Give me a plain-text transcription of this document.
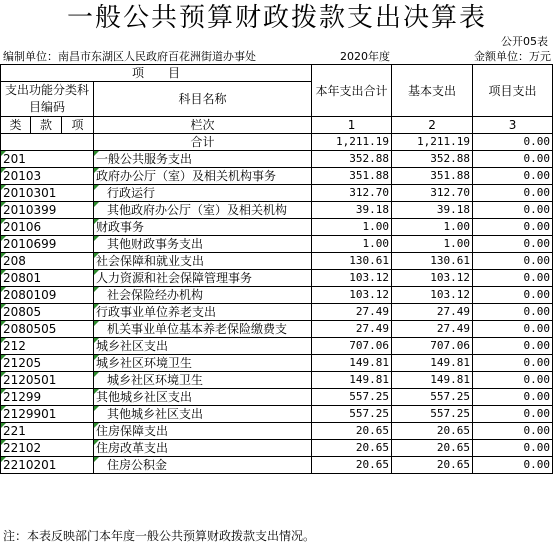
一般公共预算财政拨款支出决算表
公开05表
编制单位：南昌市东湖区人民政府百花洲街道办事处	2020年度	金额单位：万元
项　　目				本年支出合计	基本支出	项目支出
支出功能分类科目编码			科目名称			
类	款	项				
			栏次	1	2	3
			合计	1,211.19	1,211.19	0.00
201			一般公共服务支出	352.88	352.88	0.00
20103			政府办公厅（室）及相关机构事务	351.88	351.88	0.00
2010301			行政运行	312.70	312.70	0.00
2010399			其他政府办公厅（室）及相关机构	39.18	39.18	0.00
20106			财政事务	1.00	1.00	0.00
2010699			其他财政事务支出	1.00	1.00	0.00
208			社会保障和就业支出	130.61	130.61	0.00
20801			人力资源和社会保障管理事务	103.12	103.12	0.00
2080109			社会保险经办机构	103.12	103.12	0.00
20805			行政事业单位养老支出	27.49	27.49	0.00
2080505			机关事业单位基本养老保险缴费支	27.49	27.49	0.00
212			城乡社区支出	707.06	707.06	0.00
21205			城乡社区环境卫生	149.81	149.81	0.00
2120501			城乡社区环境卫生	149.81	149.81	0.00
21299			其他城乡社区支出	557.25	557.25	0.00
2129901			其他城乡社区支出	557.25	557.25	0.00
221			住房保障支出	20.65	20.65	0.00
22102			住房改革支出	20.65	20.65	0.00
2210201			住房公积金	20.65	20.65	0.00
注：本表反映部门本年度一般公共预算财政拨款支出情况。
